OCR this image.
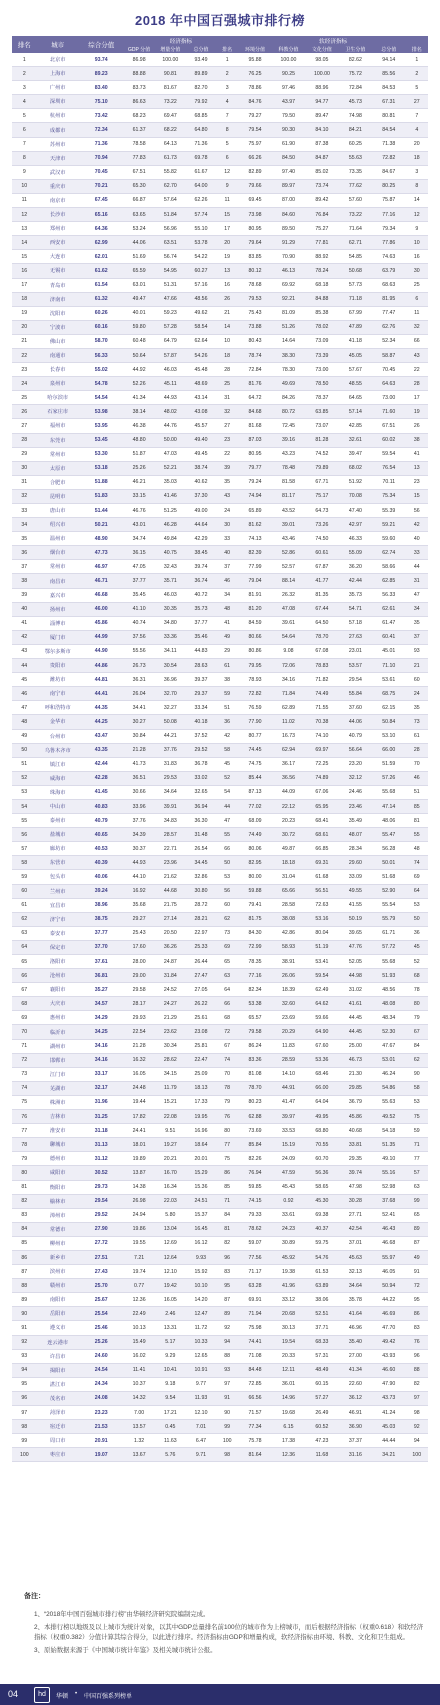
2018 年中国百强城市排行榜
排名	城市	综合分值	经济指标				软经济指标					
			GDP 分值	增量分值	总分值	排名	环境分值	科教分值	文化分值	卫生分值	总分值	排名
1	北京市	93.74	86.98	100.00	93.49	1	95.88	100.00	98.05	82.62	94.14	1
2	上海市	89.23	88.88	90.81	89.89	2	76.25	90.25	100.00	75.72	85.56	2
3	广州市	83.40	83.73	81.67	82.70	3	78.86	97.46	88.96	72.84	84.53	5
4	深圳市	75.10	86.63	73.22	79.92	4	84.76	43.97	94.77	45.73	67.31	27
5	杭州市	73.42	68.23	69.47	68.85	7	79.27	79.50	89.47	74.98	80.81	7
6	成都市	72.34	61.37	68.22	64.80	8	79.54	90.30	84.10	84.21	84.54	4
7	苏州市	71.36	78.58	64.13	71.36	5	75.97	61.90	87.38	60.25	71.38	20
8	天津市	70.94	77.83	61.73	69.78	6	66.26	84.50	84.87	55.63	72.82	18
9	武汉市	70.45	67.51	55.82	61.67	12	82.89	97.40	85.02	73.35	84.67	3
10	重庆市	70.21	65.30	62.70	64.00	9	79.66	89.97	73.74	77.62	80.25	8
11	南京市	67.45	66.87	57.64	62.26	11	69.45	87.00	89.42	57.60	75.87	14
12	长沙市	65.16	63.65	51.84	57.74	15	73.98	84.60	76.84	73.22	77.16	12
13	郑州市	64.36	53.24	56.96	55.10	17	80.95	89.50	75.27	71.64	79.34	9
14	西安市	62.99	44.06	63.51	53.78	20	79.64	91.29	77.81	62.71	77.86	10
15	大连市	62.01	51.69	56.74	54.22	19	83.85	70.90	88.92	54.85	74.63	16
16	无锡市	61.62	65.59	54.95	60.27	13	80.12	46.13	78.24	50.68	63.79	30
17	青岛市	61.54	63.01	51.31	57.16	16	78.68	69.92	68.18	57.73	68.63	25
18	济南市	61.32	49.47	47.66	48.56	26	79.53	92.21	84.88	71.18	81.95	6
19	沈阳市	60.26	40.01	59.23	49.62	21	75.43	81.09	85.38	67.99	77.47	11
20	宁波市	60.16	59.80	57.28	58.54	14	73.88	51.26	78.02	47.89	62.76	32
21	佛山市	58.70	60.48	64.79	62.64	10	80.43	14.64	73.09	41.18	52.34	66
22	南通市	56.33	50.64	57.87	54.26	18	78.74	38.30	73.39	45.05	58.87	43
23	长春市	55.02	44.92	46.03	45.48	28	72.84	78.30	73.00	57.67	70.45	22
24	泉州市	54.78	52.26	45.11	48.69	25	81.76	49.69	78.50	48.55	64.63	28
25	哈尔滨市	54.54	41.34	44.93	43.14	31	64.72	84.26	78.37	64.65	73.00	17
26	石家庄市	53.98	38.14	48.02	43.08	32	84.68	80.72	63.85	57.14	71.60	19
27	福州市	53.95	46.38	44.76	45.57	27	81.68	72.45	73.07	42.85	67.51	26
28	东莞市	53.45	48.80	50.00	49.40	23	87.03	39.16	81.28	32.61	60.02	38
29	常州市	53.30	51.87	47.03	49.45	22	80.95	43.23	74.52	39.47	59.54	41
30	太原市	53.18	25.26	52.21	38.74	39	79.77	78.48	79.89	68.02	76.54	13
31	合肥市	51.88	46.21	35.03	40.62	35	79.24	81.58	67.71	51.92	70.11	23
32	昆明市	51.83	33.15	41.46	37.30	43	74.94	81.17	75.17	70.08	75.34	15
33	唐山市	51.44	46.76	51.25	49.00	24	65.89	43.52	64.73	47.40	55.39	56
34	绍兴市	50.21	43.01	46.28	44.64	30	81.62	39.01	73.26	42.97	59.21	42
35	温州市	48.90	34.74	49.84	42.29	33	74.13	43.46	74.50	46.33	59.60	40
36	烟台市	47.73	36.15	40.75	38.45	40	82.39	52.86	60.61	55.09	62.74	33
37	常州市	46.97	47.05	32.43	39.74	37	77.99	52.57	67.87	36.20	58.66	44
38	南昌市	46.71	37.77	35.71	36.74	46	79.04	88.14	41.77	42.44	62.85	31
39	嘉兴市	46.68	35.45	46.03	40.72	34	81.91	26.32	81.35	35.73	56.33	47
40	扬州市	46.00	41.10	30.35	35.73	48	81.20	47.08	67.44	54.71	62.61	34
41	淄博市	45.86	40.74	34.80	37.77	41	84.59	39.61	64.50	57.18	61.47	35
42	厦门市	44.99	37.56	33.36	35.46	49	80.66	54.64	78.70	27.63	60.41	37
43	鄂尔多斯市	44.90	55.56	34.11	44.83	29	80.86	9.08	67.08	23.01	45.01	93
44	贵阳市	44.86	26.73	30.54	28.63	61	79.95	72.06	78.83	53.57	71.10	21
45	潍坊市	44.81	36.31	36.96	39.37	38	78.93	34.16	71.82	29.54	53.61	60
46	南宁市	44.41	26.04	32.70	29.37	59	72.82	71.84	74.49	55.84	68.75	24
47	呼和浩特市	44.35	34.41	32.27	33.34	51	76.59	62.89	71.55	37.60	62.15	35
48	金华市	44.25	30.27	50.08	40.18	36	77.90	11.02	70.38	44.06	50.84	73
49	台州市	43.47	30.84	44.21	37.52	42	80.77	16.73	74.10	40.79	53.10	61
50	乌鲁木齐市	43.35	21.28	37.76	29.52	58	74.45	62.94	69.97	56.64	66.00	28
51	镇江市	42.44	41.73	31.83	36.78	45	74.75	36.17	72.25	23.20	51.59	70
52	威海市	42.28	36.51	29.53	33.02	52	85.44	36.56	74.89	32.12	57.26	46
53	珠海市	41.45	30.66	34.64	32.65	54	87.13	44.09	67.06	24.46	55.68	51
54	中山市	40.83	33.96	39.91	36.94	44	77.02	22.12	65.95	23.46	47.14	85
55	泰州市	40.79	37.76	34.83	36.30	47	68.09	20.23	68.41	35.49	48.06	81
56	盐城市	40.65	34.39	28.57	31.48	55	74.49	30.72	68.61	48.07	55.47	55
57	廊坊市	40.53	30.37	22.71	26.54	66	80.06	49.87	66.85	28.34	56.28	48
58	东营市	40.39	44.93	23.96	34.45	50	82.95	18.18	69.31	29.60	50.01	74
59	包头市	40.06	44.10	21.62	32.86	53	80.00	31.04	61.68	33.09	51.68	69
60	兰州市	39.24	16.92	44.68	30.80	56	59.88	65.66	56.51	49.55	52.90	64
61	宜昌市	38.96	35.68	21.75	28.72	60	79.41	28.58	72.63	41.55	55.54	53
62	济宁市	38.75	29.27	27.14	28.21	62	81.75	38.08	53.16	50.19	55.79	50
63	泰安市	37.77	25.43	20.50	22.97	73	84.30	42.86	80.04	39.65	61.71	36
64	保定市	37.70	17.60	36.26	25.33	69	72.99	58.93	51.19	47.76	57.72	45
65	洛阳市	37.61	28.00	24.87	26.44	65	78.35	38.91	53.41	52.05	55.68	52
66	沧州市	36.81	29.00	31.84	27.47	63	77.16	26.06	59.54	44.98	51.93	68
67	襄阳市	35.27	29.58	24.52	27.05	64	82.34	18.39	62.49	31.02	48.56	78
68	大庆市	34.57	28.17	24.27	26.22	66	53.38	32.60	64.62	41.61	48.08	80
69	惠州市	34.29	29.93	21.29	25.61	68	65.57	23.69	59.66	44.45	48.34	79
70	临沂市	34.25	22.54	23.62	23.08	72	79.58	20.29	64.90	44.45	52.30	67
71	湖州市	34.16	21.28	30.34	25.81	67	86.24	11.83	67.60	25.00	47.67	84
72	邯郸市	34.16	16.32	28.62	22.47	74	83.36	28.59	53.36	46.73	53.01	62
73	江门市	33.17	16.05	34.15	25.09	70	81.08	14.10	68.46	21.30	46.24	90
74	芜湖市	32.17	24.48	11.79	18.13	78	78.70	44.91	66.00	29.85	54.86	58
75	株洲市	31.96	19.44	15.21	17.33	79	80.23	41.47	64.04	36.79	55.63	53
76	吉林市	31.25	17.82	22.08	19.95	76	62.88	39.97	49.95	45.86	49.52	75
77	淮安市	31.18	24.41	9.51	16.96	80	73.69	33.53	68.80	40.68	54.18	59
78	聊城市	31.13	18.01	19.27	18.64	77	85.84	15.19	70.55	33.81	51.35	71
79	德州市	31.12	19.89	20.21	20.01	75	82.26	24.09	60.70	29.35	49.10	77
80	咸阳市	30.52	13.87	16.70	15.29	86	76.94	47.59	56.36	39.74	55.16	57
81	衡阳市	29.73	14.38	16.34	15.36	85	59.85	45.43	58.65	47.98	52.98	63
82	榆林市	29.54	26.98	22.03	24.51	71	74.15	0.92	45.30	30.28	37.68	99
83	漳州市	29.52	24.94	5.80	15.37	84	79.33	33.61	69.38	27.71	52.41	65
84	常德市	27.90	19.86	13.04	16.45	81	78.62	24.23	40.37	42.54	46.43	89
85	柳州市	27.72	19.55	12.69	16.12	82	59.07	30.89	59.75	37.01	46.68	87
86	新乡市	27.51	7.21	12.64	9.93	96	77.56	45.92	54.76	45.63	55.97	49
87	滨州市	27.43	19.74	12.10	15.92	83	71.17	19.38	61.53	32.13	46.05	91
88	赣州市	25.70	0.77	19.42	10.10	95	63.28	41.96	63.89	34.64	50.94	72
89	南阳市	25.67	12.36	16.05	14.20	87	69.91	33.12	38.06	35.78	44.22	95
90	岳阳市	25.54	22.49	2.46	12.47	89	71.94	20.68	52.51	41.64	46.69	86
91	遵义市	25.46	10.13	13.31	11.72	92	75.98	30.13	37.71	46.96	47.70	83
92	连云港市	25.26	15.49	5.17	10.33	94	74.41	19.54	68.33	35.40	49.42	76
93	许昌市	24.60	16.02	9.29	12.65	88	71.08	20.33	57.31	27.00	43.93	96
94	揭阳市	24.54	11.41	10.41	10.91	93	84.48	12.11	48.49	41.34	46.60	88
95	湛江市	24.34	10.37	9.18	9.77	97	72.85	36.01	60.15	22.60	47.90	82
96	茂名市	24.08	14.32	9.54	11.93	91	66.56	14.96	57.27	36.12	43.73	97
97	菏泽市	23.23	7.00	17.21	12.10	90	71.57	19.68	26.49	46.91	41.24	98
98	宿迁市	21.53	13.57	0.45	7.01	99	77.34	6.15	60.52	36.90	45.03	92
99	周口市	20.91	1.32	11.63	6.47	100	75.78	17.38	47.23	37.37	44.44	94
100	枣庄市	19.07	13.67	5.76	9.71	98	81.64	12.36	11.68	31.16	34.21	100
备注：

1、“2018年中国百强城市排行榜”由华顿经济研究院编制完成。

2、本排行榜以地级及以上城市为统计对象，以其中GDP总量排名前100位的城市作为上榜城市，而后根据经济指标（权重0.618）和软经济指标（权重0.382）分值计算其综合得分，以此进行排序。经济指标由GDP和增量构成，软经济指标由环境、科教、文化和卫生组成。

3、原始数据来源于《中国城市统计年鉴》及相关城市统计公报。

04	hd	华顿 • 中国百强系列榜单
